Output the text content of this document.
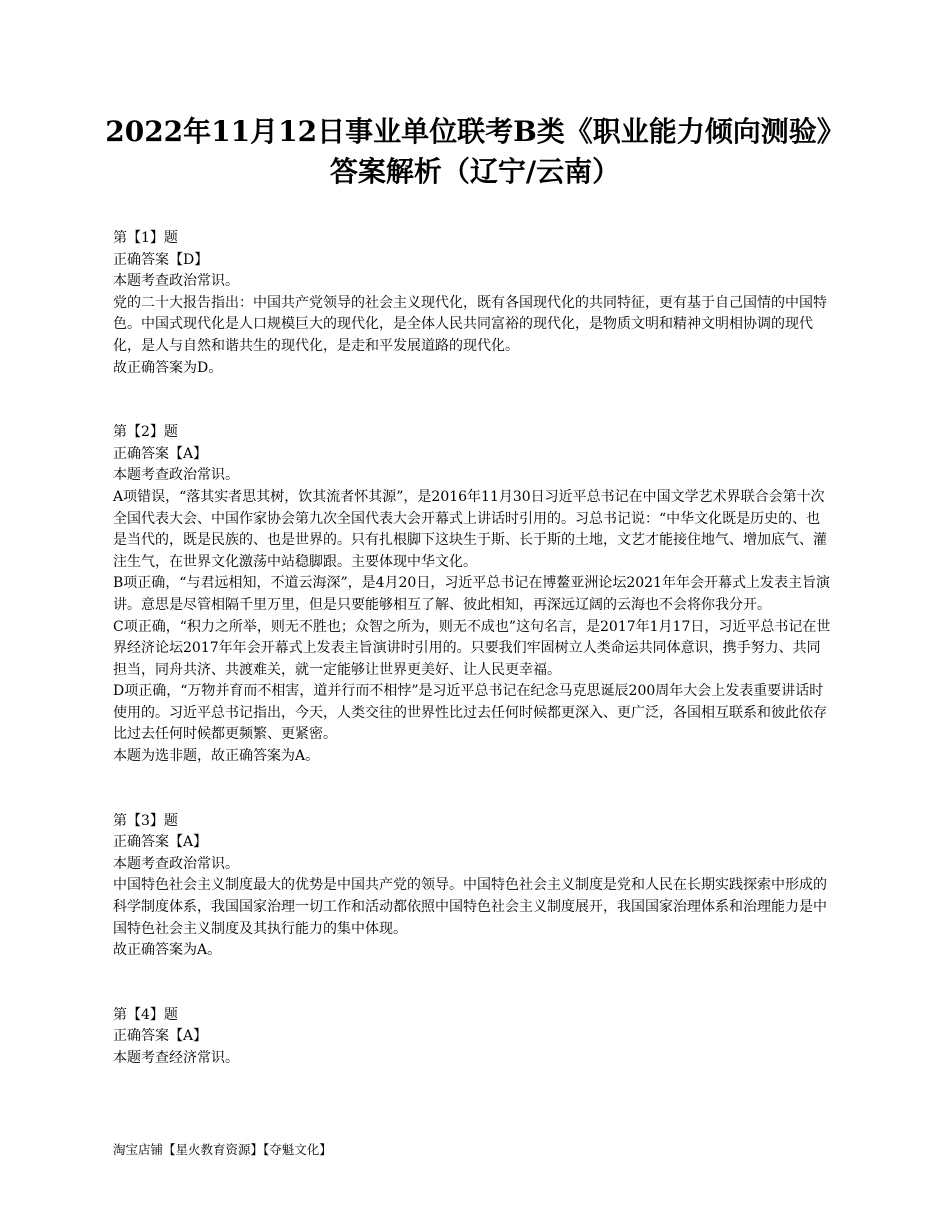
2022年11月12日事业单位联考B类《职业能力倾向测验》
答案解析（辽宁/云南）

第【1】题

正确答案【D】

本题考查政治常识。

党的二十大报告指出：中国共产党领导的社会主义现代化，既有各国现代化的共同特征，更有基于自己国情的中国特色。中国式现代化是人口规模巨大的现代化，是全体人民共同富裕的现代化，是物质文明和精神文明相协调的现代化，是人与自然和谐共生的现代化，是走和平发展道路的现代化。

故正确答案为D。

第【2】题

正确答案【A】

本题考查政治常识。

A项错误，“落其实者思其树，饮其流者怀其源”，是2016年11月30日习近平总书记在中国文学艺术界联合会第十次全国代表大会、中国作家协会第九次全国代表大会开幕式上讲话时引用的。习总书记说：“中华文化既是历史的、也是当代的，既是民族的、也是世界的。只有扎根脚下这块生于斯、长于斯的土地，文艺才能接住地气、增加底气、灌注生气，在世界文化激荡中站稳脚跟。主要体现中华文化。

B项正确，“与君远相知，不道云海深”，是4月20日，习近平总书记在博鳌亚洲论坛2021年年会开幕式上发表主旨演讲。意思是尽管相隔千里万里，但是只要能够相互了解、彼此相知，再深远辽阔的云海也不会将你我分开。

C项正确，“积力之所举，则无不胜也；众智之所为，则无不成也”这句名言，是2017年1月17日，习近平总书记在世界经济论坛2017年年会开幕式上发表主旨演讲时引用的。只要我们牢固树立人类命运共同体意识，携手努力、共同担当，同舟共济、共渡难关，就一定能够让世界更美好、让人民更幸福。

D项正确，“万物并育而不相害，道并行而不相悖”是习近平总书记在纪念马克思诞辰200周年大会上发表重要讲话时使用的。习近平总书记指出，今天，人类交往的世界性比过去任何时候都更深入、更广泛，各国相互联系和彼此依存比过去任何时候都更频繁、更紧密。

本题为选非题，故正确答案为A。

第【3】题

正确答案【A】

本题考查政治常识。

中国特色社会主义制度最大的优势是中国共产党的领导。中国特色社会主义制度是党和人民在长期实践探索中形成的科学制度体系，我国国家治理一切工作和活动都依照中国特色社会主义制度展开，我国国家治理体系和治理能力是中国特色社会主义制度及其执行能力的集中体现。

故正确答案为A。

第【4】题

正确答案【A】

本题考查经济常识。

淘宝店铺【星火教育资源】【夺魁文化】
